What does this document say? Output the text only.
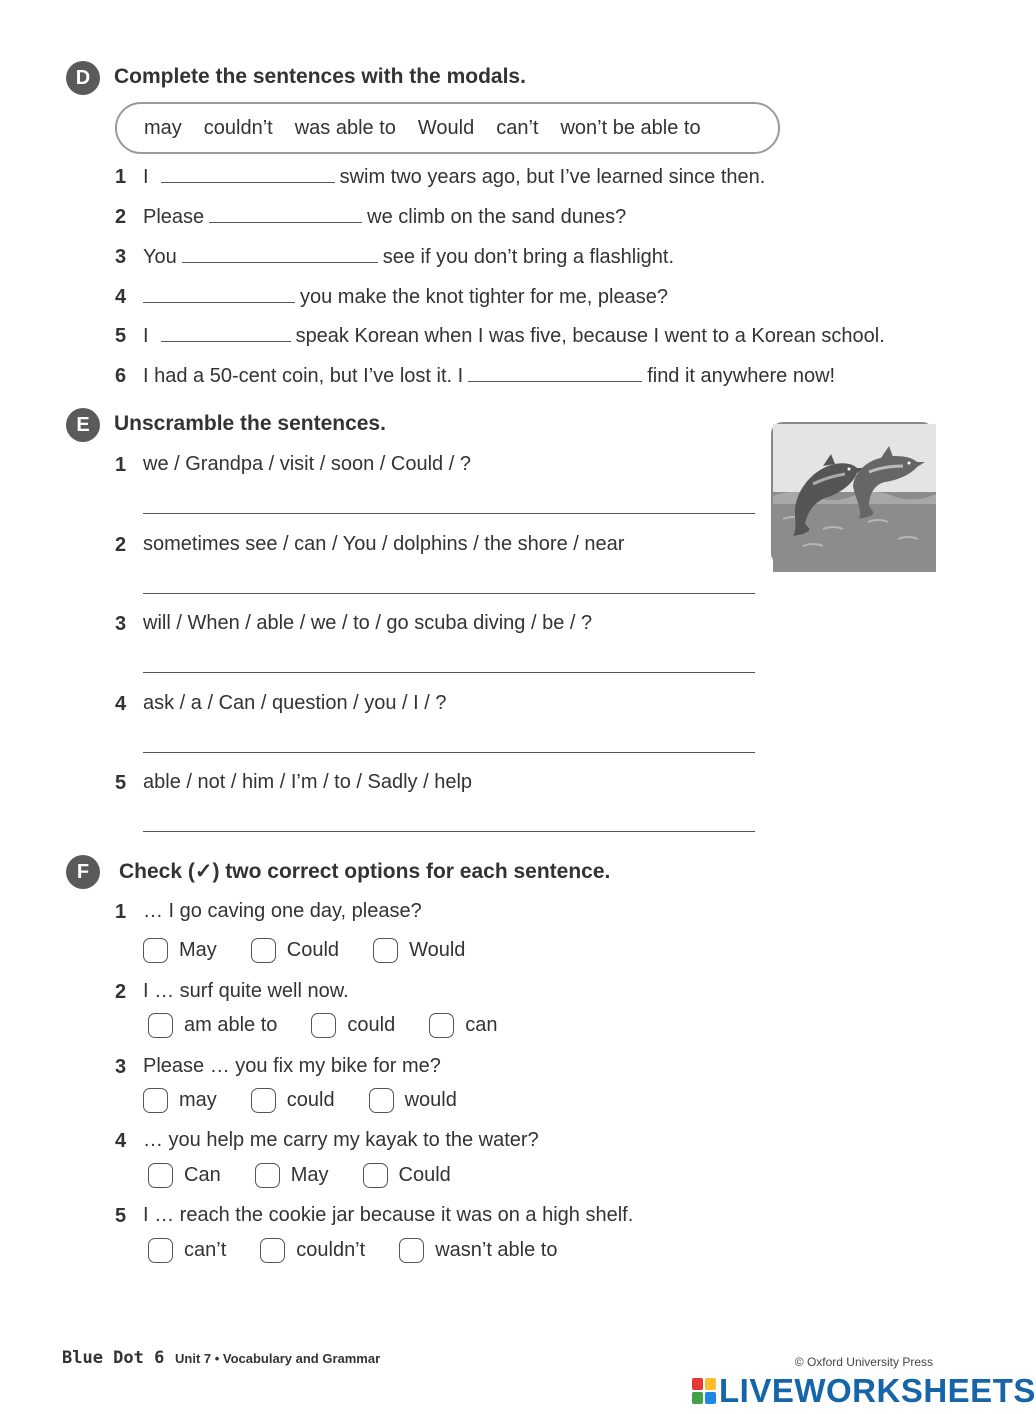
D	Complete the sentences with the modals.
may couldn’t was able to Would can’t won’t be able to
1 I	swim two years ago, but I’ve learned since then.
2 Please	we climb on the sand dunes?
3 You	see if you don’t bring a flashlight.
4	you make the knot tighter for me, please?
5 I	speak Korean when I was five, because I went to a Korean school.
6 I had a 50-cent coin, but I’ve lost it. I	find it anywhere now!
E	Unscramble the sentences.
1 we / Grandpa / visit / soon / Could / ?
2 sometimes see / can / You / dolphins / the shore / near
3 will / When / able / we / to / go scuba diving / be / ?
4 ask / a / Can / question / you / I / ?
5 able / not / him / I’m / to / Sadly / help
F	Check (✓) two correct options for each sentence.
1 … I go caving one day, please?
May	Could	Would
2 I … surf quite well now.
am able to	could	can
3 Please … you fix my bike for me?
may	could	would
4 … you help me carry my kayak to the water?
Can	May	Could
5 I … reach the cookie jar because it was on a high shelf.
can’t	couldn’t	wasn’t able to
Blue Dot 6 Unit 7 • Vocabulary and Grammar	© Oxford University Press
LIVEWORKSHEETS
